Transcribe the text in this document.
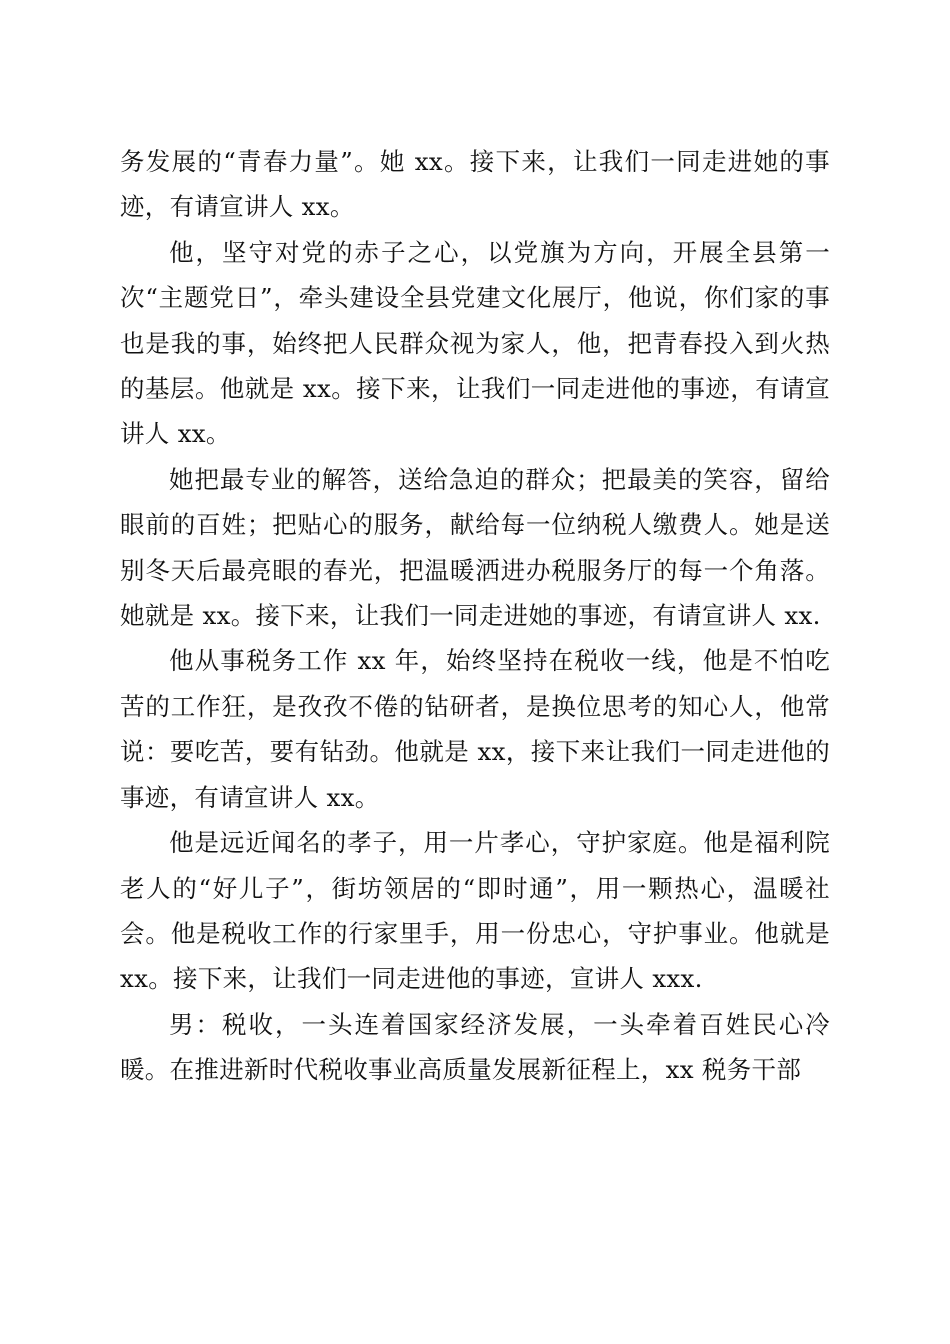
务发展的“青春力量”。她 xx。接下来，让我们一同走进她的事迹，有请宣讲人 xx。

他，坚守对党的赤子之心，以党旗为方向，开展全县第一次“主题党日”，牵头建设全县党建文化展厅，他说，你们家的事也是我的事，始终把人民群众视为家人，他，把青春投入到火热的基层。他就是 xx。接下来，让我们一同走进他的事迹，有请宣讲人 xx。

她把最专业的解答，送给急迫的群众；把最美的笑容，留给眼前的百姓；把贴心的服务，献给每一位纳税人缴费人。她是送别冬天后最亮眼的春光，把温暖洒进办税服务厅的每一个角落。她就是 xx。接下来，让我们一同走进她的事迹，有请宣讲人 xx.

他从事税务工作 xx 年，始终坚持在税收一线，他是不怕吃苦的工作狂，是孜孜不倦的钻研者，是换位思考的知心人，他常说：要吃苦，要有钻劲。他就是 xx，接下来让我们一同走进他的事迹，有请宣讲人 xx。

他是远近闻名的孝子，用一片孝心，守护家庭。他是福利院老人的“好儿子”，街坊领居的“即时通”，用一颗热心，温暖社会。他是税收工作的行家里手，用一份忠心，守护事业。他就是 xx。接下来，让我们一同走进他的事迹，宣讲人 xxx.

男：税收，一头连着国家经济发展，一头牵着百姓民心冷暖。在推进新时代税收事业高质量发展新征程上，xx 税务干部
